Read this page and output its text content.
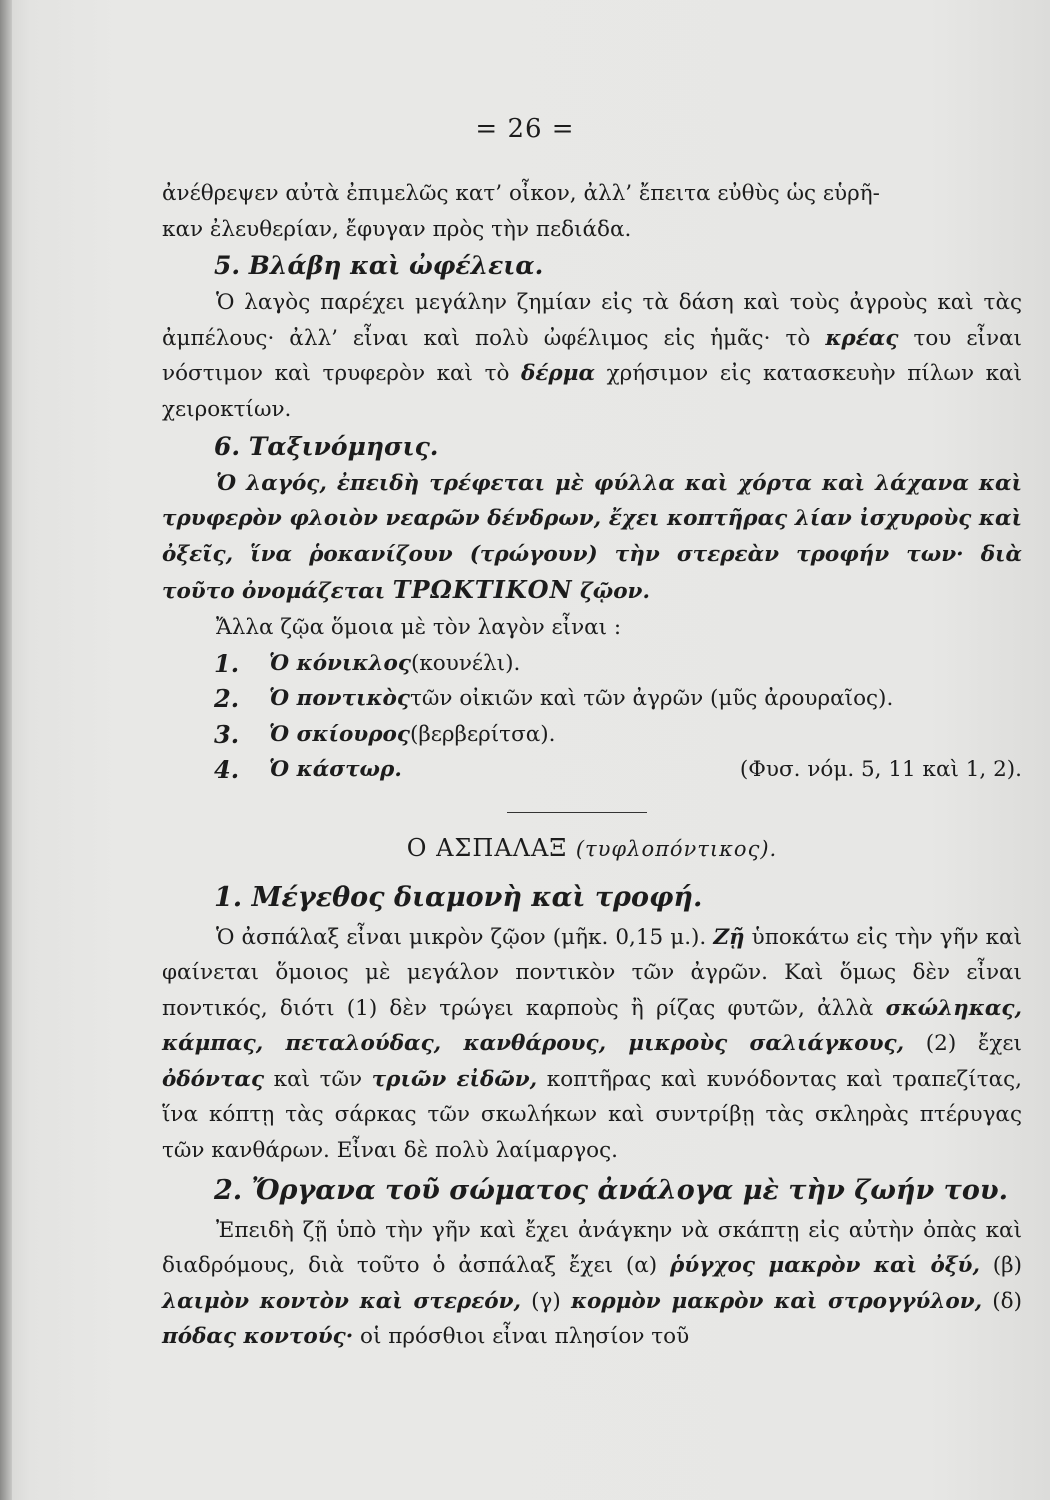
= 26 =

ἀνέθρεψεν αὐτὰ ἐπιμελῶς κατ’ οἶκον, ἀλλ’ ἔπειτα εὐθὺς ὡς εὑρῆ-

καν ἐλευθερίαν, ἔφυγαν πρὸς τὴν πεδιάδα.

5. Βλάβη καὶ ὠφέλεια.

Ὁ λαγὸς παρέχει μεγάλην ζημίαν εἰς τὰ δάση καὶ τοὺς ἀγροὺς καὶ τὰς ἀμπέλους· ἀλλ’ εἶναι καὶ πολὺ ὠφέλιμος εἰς ἡμᾶς· τὸ κρέας του εἶναι νόστιμον καὶ τρυφερὸν καὶ τὸ δέρμα χρήσιμον εἰς κατασκευὴν πίλων καὶ χειροκτίων.

6. Ταξινόμησις.

Ὁ λαγός, ἐπειδὴ τρέφεται μὲ φύλλα καὶ χόρτα καὶ λάχανα καὶ τρυφερὸν φλοιὸν νεαρῶν δένδρων, ἔχει κοπτῆρας λίαν ἰσχυροὺς καὶ ὀξεῖς, ἵνα ῥοκανίζουν (τρώγουν) τὴν στερεὰν τροφήν των· διὰ τοῦτο ὀνομάζεται ΤΡΩΚΤΙΚΟΝ ζῷον.

Ἄλλα ζῷα ὅμοια μὲ τὸν λαγὸν εἶναι :

1.	Ὁ κόνικλος (κουνέλι).
2.	Ὁ ποντικὸς τῶν οἰκιῶν καὶ τῶν ἀγρῶν (μῦς ἀρουραῖος).
3.	Ὁ σκίουρος (βερβερίτσα).
4.	Ὁ κάστωρ.	(Φυσ. νόμ. 5, 11 καὶ 1, 2).
Ο ΑΣΠΑΛΑΞ (τυφλοπόντικος).
1. Μέγεθος διαμονὴ καὶ τροφή.

Ὁ ἀσπάλαξ εἶναι μικρὸν ζῷον (μῆκ. 0,15 μ.). Ζῇ ὑποκάτω εἰς τὴν γῆν καὶ φαίνεται ὅμοιος μὲ μεγάλον ποντικὸν τῶν ἀγρῶν. Καὶ ὅμως δὲν εἶναι ποντικός, διότι (1) δὲν τρώγει καρποὺς ἢ ρίζας φυτῶν, ἀλλὰ σκώληκας, κάμπας, πεταλούδας, κανθάρους, μικροὺς σαλιάγκους, (2) ἔχει ὀδόντας καὶ τῶν τριῶν εἰδῶν, κοπτῆρας καὶ κυνόδοντας καὶ τραπεζίτας, ἵνα κόπτῃ τὰς σάρκας τῶν σκωλήκων καὶ συντρίβῃ τὰς σκληρὰς πτέρυγας τῶν κανθάρων. Εἶναι δὲ πολὺ λαίμαργος.

2. Ὄργανα τοῦ σώματος ἀνάλογα μὲ τὴν ζωήν του.

Ἐπειδὴ ζῇ ὑπὸ τὴν γῆν καὶ ἔχει ἀνάγκην νὰ σκάπτῃ εἰς αὐτὴν ὀπὰς καὶ διαδρόμους, διὰ τοῦτο ὁ ἀσπάλαξ ἔχει (α) ῥύγχος μακρὸν καὶ ὀξύ, (β) λαιμὸν κοντὸν καὶ στερεόν, (γ) κορμὸν μακρὸν καὶ στρογγύλον, (δ) πόδας κοντούς· οἱ πρόσθιοι εἶναι πλησίον τοῦ
